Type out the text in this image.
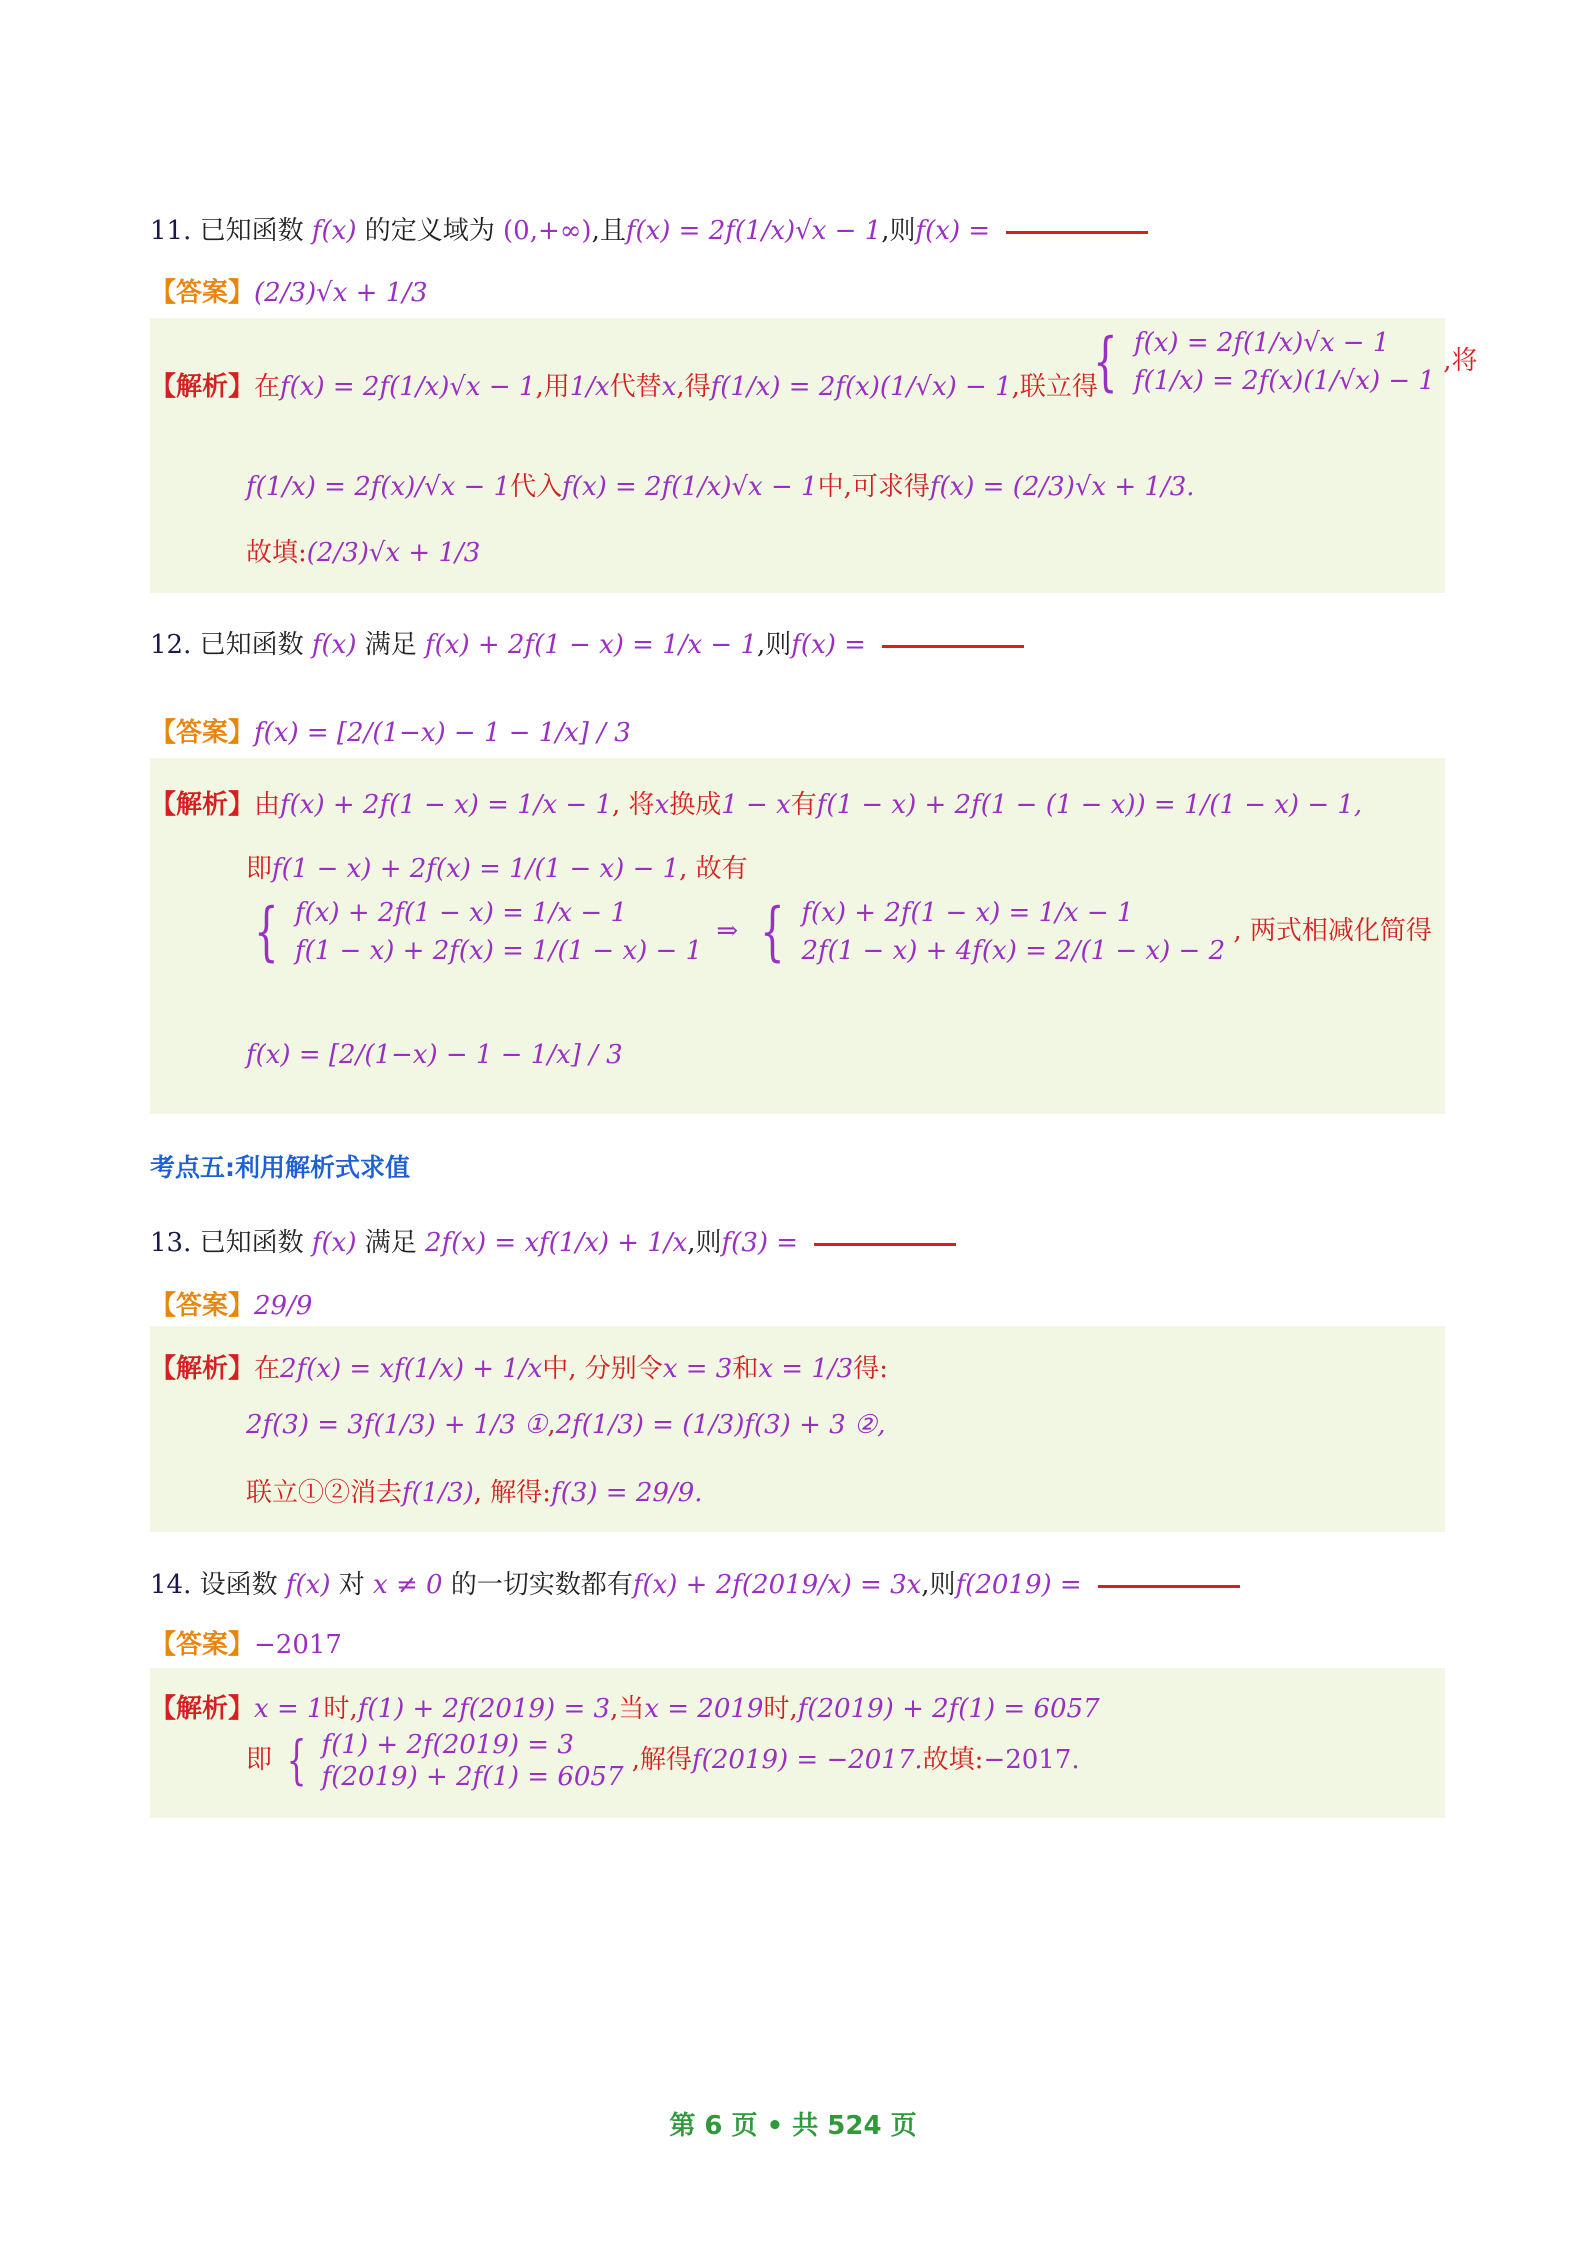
11. 已知函数 f(x) 的定义域为 (0,+∞),且f(x) = 2f(1/x)√x − 1,则f(x) =
【答案】(2/3)√x + 1/3
【解析】在f(x) = 2f(1/x)√x − 1,用1/x代替x,得f(1/x) = 2f(x)(1/√x) − 1,联立得
{ f(x) = 2f(1/x)√x − 1
f(1/x) = 2f(x)(1/√x) − 1
,将
f(1/x) = 2f(x)/√x − 1代入f(x) = 2f(1/x)√x − 1中,可求得f(x) = (2/3)√x + 1/3.
故填:(2/3)√x + 1/3
12. 已知函数 f(x) 满足 f(x) + 2f(1 − x) = 1/x − 1,则f(x) =
【答案】f(x) = [2/(1−x) − 1 − 1/x] / 3
【解析】由f(x) + 2f(1 − x) = 1/x − 1, 将x换成1 − x有f(1 − x) + 2f(1 − (1 − x)) = 1/(1 − x) − 1,
即f(1 − x) + 2f(x) = 1/(1 − x) − 1, 故有
{ f(x) + 2f(1 − x) = 1/x − 1
f(1 − x) + 2f(x) = 1/(1 − x) − 1
⇒ { f(x) + 2f(1 − x) = 1/x − 1
2f(1 − x) + 4f(x) = 2/(1 − x) − 2
, 两式相减化简得
f(x) = [2/(1−x) − 1 − 1/x] / 3
考点五:利用解析式求值
13. 已知函数 f(x) 满足 2f(x) = xf(1/x) + 1/x,则f(3) =
【答案】29/9
【解析】在2f(x) = xf(1/x) + 1/x中, 分别令x = 3和x = 1/3得:
2f(3) = 3f(1/3) + 1/3 ①,2f(1/3) = (1/3)f(3) + 3 ②,
联立①②消去f(1/3), 解得:f(3) = 29/9.
14. 设函数 f(x) 对 x ≠ 0 的一切实数都有f(x) + 2f(2019/x) = 3x,则f(2019) =
【答案】−2017
【解析】x = 1时,f(1) + 2f(2019) = 3,当x = 2019时,f(2019) + 2f(1) = 6057
即 { f(1) + 2f(2019) = 3
f(2019) + 2f(1) = 6057
,解得f(2019) = −2017.故填:−2017.
第 6 页 • 共 524 页
